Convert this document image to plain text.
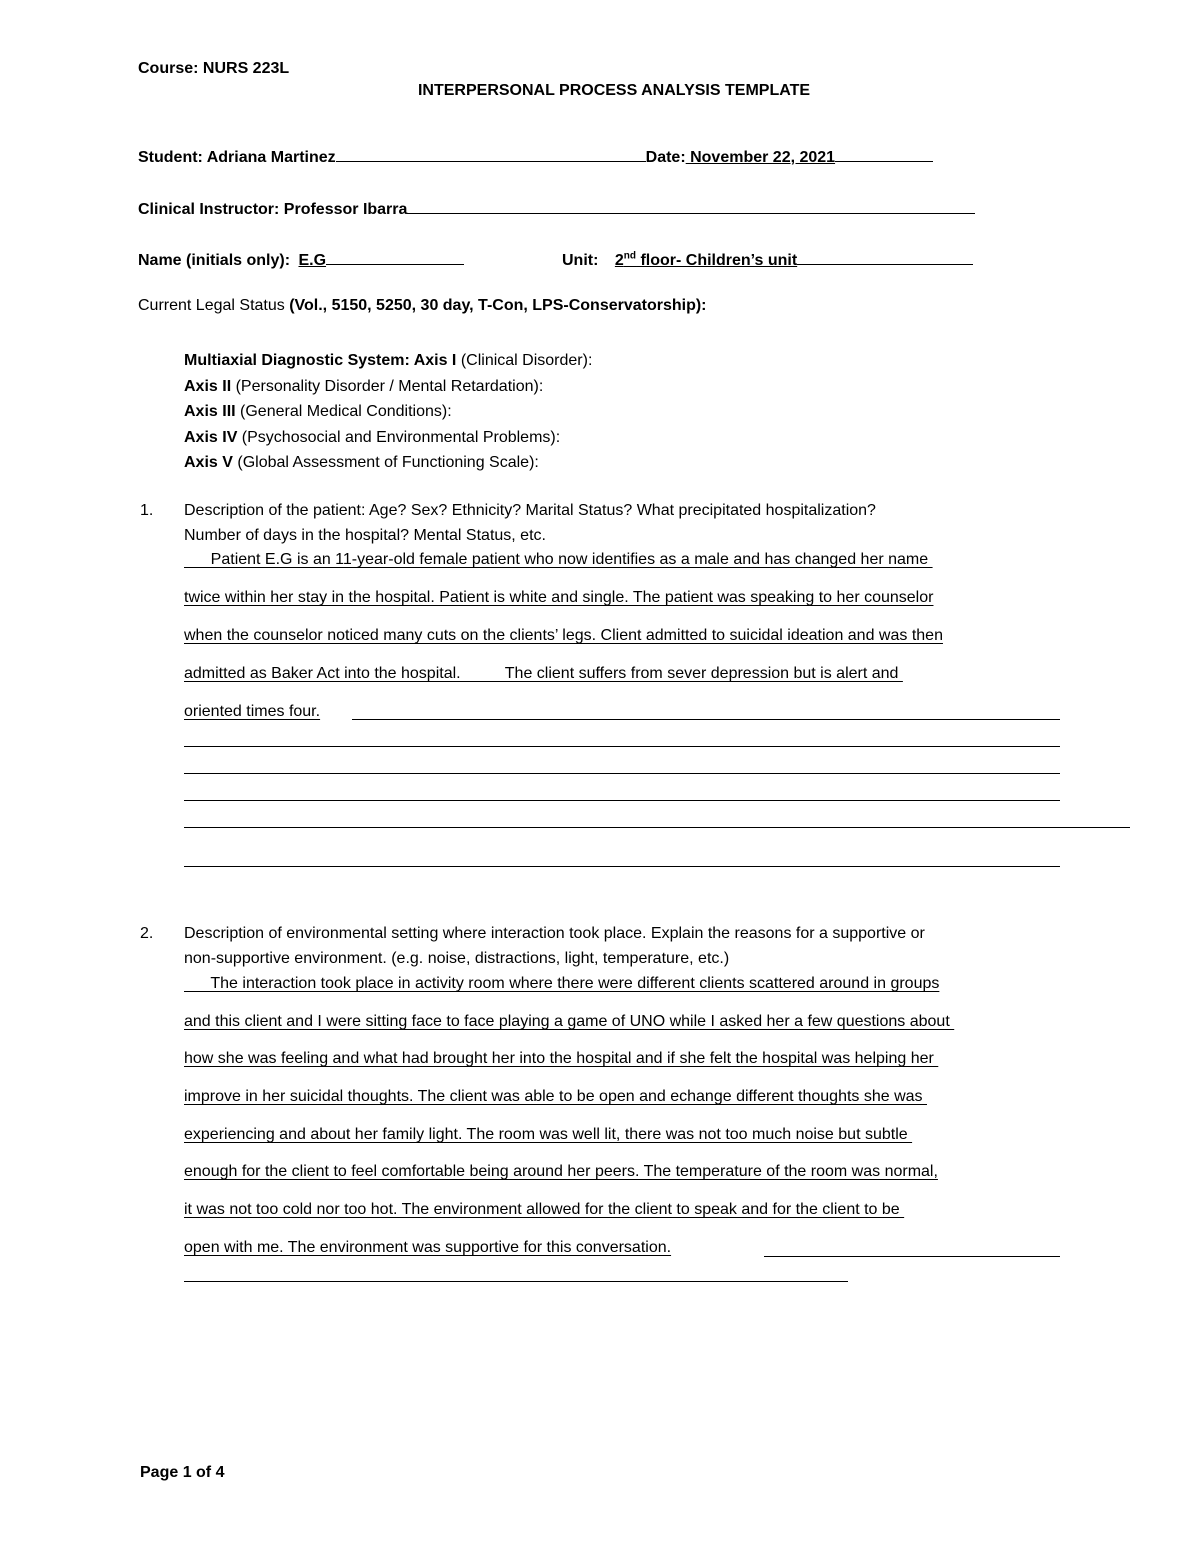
Course: NURS 223L
INTERPERSONAL PROCESS ANALYSIS TEMPLATE
Student: Adriana Martinez	Date: November 22, 2021
Clinical Instructor: Professor Ibarra
Name (initials only): E.G	Unit: 2nd floor- Children’s unit
Current Legal Status (Vol., 5150, 5250, 30 day, T-Con, LPS-Conservatorship):
Multiaxial Diagnostic System: Axis I (Clinical Disorder):
Axis II (Personality Disorder / Mental Retardation):
Axis III (General Medical Conditions):
Axis IV (Psychosocial and Environmental Problems):
Axis V (Global Assessment of Functioning Scale):
1. Description of the patient: Age? Sex? Ethnicity? Marital Status? What precipitated hospitalization?
Number of days in the hospital? Mental Status, etc.
Patient E.G is an 11-year-old female patient who now identifies as a male and has changed her name
twice within her stay in the hospital. Patient is white and single. The patient was speaking to her counselor
when the counselor noticed many cuts on the clients’ legs. Client admitted to suicidal ideation and was then
admitted as Baker Act into the hospital.          The client suffers from sever depression but is alert and
oriented times four.
2. Description of environmental setting where interaction took place. Explain the reasons for a supportive or
non-supportive environment. (e.g. noise, distractions, light, temperature, etc.)
The interaction took place in activity room where there were different clients scattered around in groups
and this client and I were sitting face to face playing a game of UNO while I asked her a few questions about
how she was feeling and what had brought her into the hospital and if she felt the hospital was helping her
improve in her suicidal thoughts. The client was able to be open and echange different thoughts she was
experiencing and about her family light. The room was well lit, there was not too much noise but subtle
enough for the client to feel comfortable being around her peers. The temperature of the room was normal,
it was not too cold nor too hot. The environment allowed for the client to speak and for the client to be
open with me. The environment was supportive for this conversation.
Page 1 of 4
